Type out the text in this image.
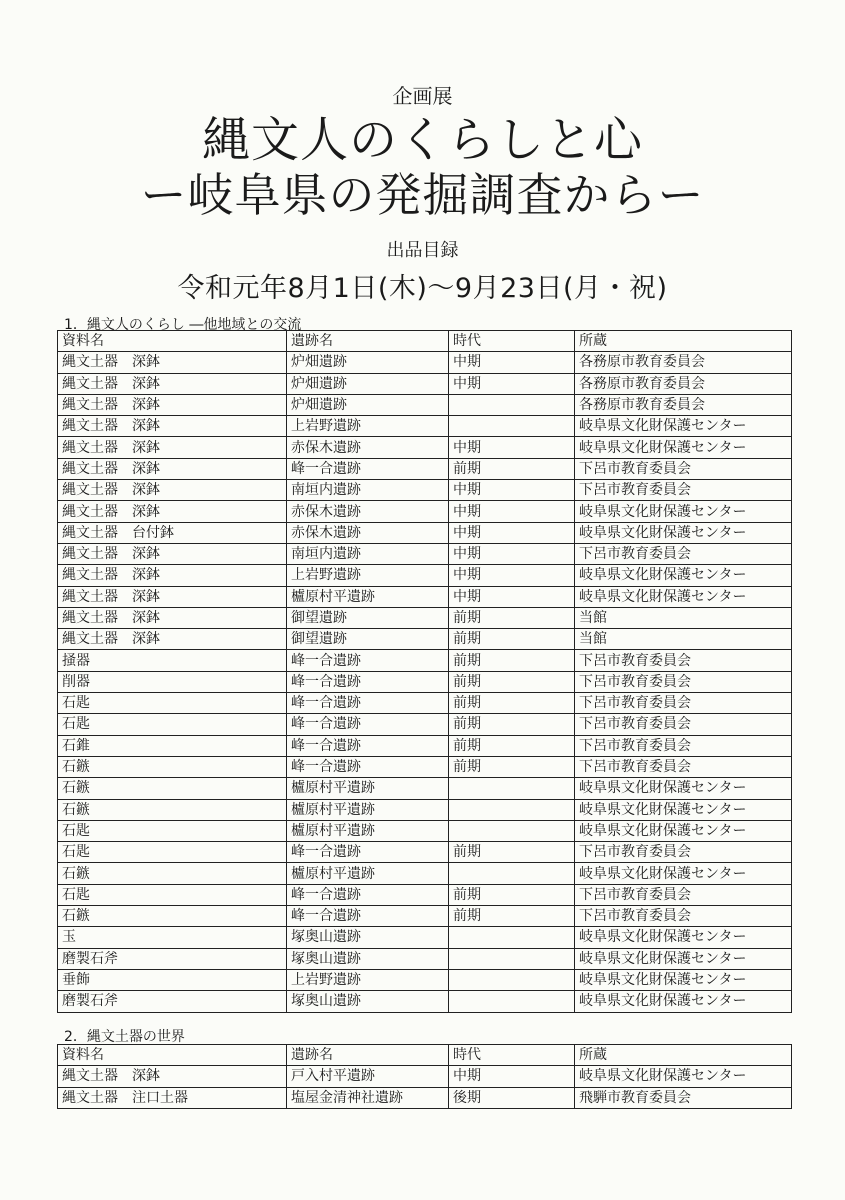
企画展
縄文人のくらしと心
ー岐阜県の発掘調査からー
出品目録
令和元年8月1日(木)～9月23日(月・祝)
1．縄文人のくらし ―他地域との交流
資料名	遺跡名	時代	所蔵
縄文土器　深鉢	炉畑遺跡	中期	各務原市教育委員会
縄文土器　深鉢	炉畑遺跡	中期	各務原市教育委員会
縄文土器　深鉢	炉畑遺跡		各務原市教育委員会
縄文土器　深鉢	上岩野遺跡		岐阜県文化財保護センター
縄文土器　深鉢	赤保木遺跡	中期	岐阜県文化財保護センター
縄文土器　深鉢	峰一合遺跡	前期	下呂市教育委員会
縄文土器　深鉢	南垣内遺跡	中期	下呂市教育委員会
縄文土器　深鉢	赤保木遺跡	中期	岐阜県文化財保護センター
縄文土器　台付鉢	赤保木遺跡	中期	岐阜県文化財保護センター
縄文土器　深鉢	南垣内遺跡	中期	下呂市教育委員会
縄文土器　深鉢	上岩野遺跡	中期	岐阜県文化財保護センター
縄文土器　深鉢	櫨原村平遺跡	中期	岐阜県文化財保護センター
縄文土器　深鉢	御望遺跡	前期	当館
縄文土器　深鉢	御望遺跡	前期	当館
掻器	峰一合遺跡	前期	下呂市教育委員会
削器	峰一合遺跡	前期	下呂市教育委員会
石匙	峰一合遺跡	前期	下呂市教育委員会
石匙	峰一合遺跡	前期	下呂市教育委員会
石錐	峰一合遺跡	前期	下呂市教育委員会
石鏃	峰一合遺跡	前期	下呂市教育委員会
石鏃	櫨原村平遺跡		岐阜県文化財保護センター
石鏃	櫨原村平遺跡		岐阜県文化財保護センター
石匙	櫨原村平遺跡		岐阜県文化財保護センター
石匙	峰一合遺跡	前期	下呂市教育委員会
石鏃	櫨原村平遺跡		岐阜県文化財保護センター
石匙	峰一合遺跡	前期	下呂市教育委員会
石鏃	峰一合遺跡	前期	下呂市教育委員会
玉	塚奥山遺跡		岐阜県文化財保護センター
磨製石斧	塚奥山遺跡		岐阜県文化財保護センター
垂飾	上岩野遺跡		岐阜県文化財保護センター
磨製石斧	塚奥山遺跡		岐阜県文化財保護センター
2．縄文土器の世界
資料名	遺跡名	時代	所蔵
縄文土器　深鉢	戸入村平遺跡	中期	岐阜県文化財保護センター
縄文土器　注口土器	塩屋金清神社遺跡	後期	飛騨市教育委員会
